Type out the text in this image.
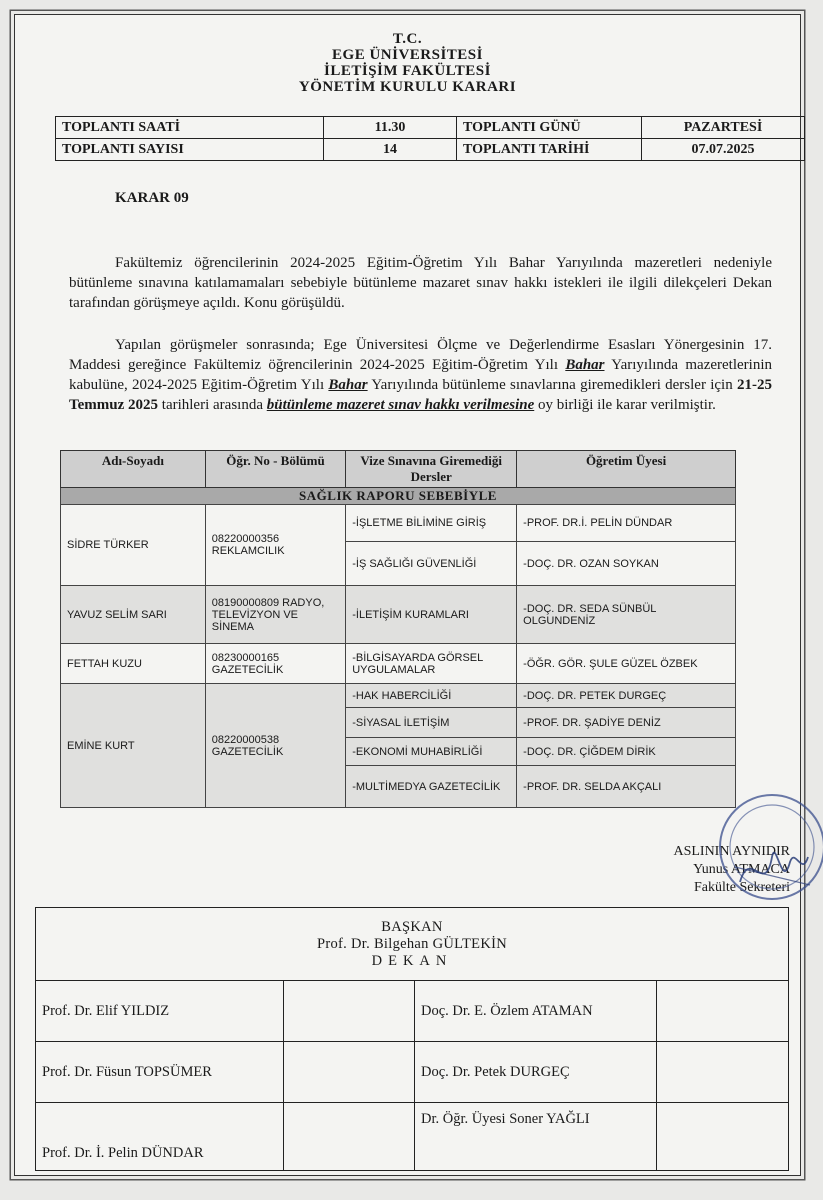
T.C.
EGE ÜNİVERSİTESİ
İLETİŞİM FAKÜLTESİ
YÖNETİM KURULU KARARI
TOPLANTI SAATİ	11.30	TOPLANTI GÜNÜ	PAZARTESİ
TOPLANTI SAYISI	14	TOPLANTI TARİHİ	07.07.2025
KARAR 09
Fakültemiz öğrencilerinin 2024-2025 Eğitim-Öğretim Yılı Bahar Yarıyılında mazeretleri nedeniyle bütünleme sınavına katılamamaları sebebiyle bütünleme mazaret sınav hakkı istekleri ile ilgili dilekçeleri Dekan tarafından görüşmeye açıldı. Konu görüşüldü.
Yapılan görüşmeler sonrasında; Ege Üniversitesi Ölçme ve Değerlendirme Esasları Yönergesinin 17. Maddesi gereğince Fakültemiz öğrencilerinin 2024-2025 Eğitim-Öğretim Yılı Bahar Yarıyılında mazeretlerinin kabulüne, 2024-2025 Eğitim-Öğretim Yılı Bahar Yarıyılında bütünleme sınavlarına giremedikleri dersler için 21-25 Temmuz 2025 tarihleri arasında bütünleme mazeret sınav hakkı verilmesine oy birliği ile karar verilmiştir.
Adı-Soyadı	Öğr. No - Bölümü	Vize Sınavına Giremediği Dersler	Öğretim Üyesi
SAĞLIK RAPORU SEBEBİYLE			
SİDRE TÜRKER	08220000356 REKLAMCILIK	-İŞLETME BİLİMİNE GİRİŞ	-PROF. DR.İ. PELİN DÜNDAR
		-İŞ SAĞLIĞI GÜVENLİĞİ	-DOÇ. DR. OZAN SOYKAN
YAVUZ SELİM SARI	08190000809 RADYO, TELEVİZYON VE SİNEMA	-İLETİŞİM KURAMLARI	-DOÇ. DR. SEDA SÜNBÜL OLGUNDENİZ
FETTAH KUZU	08230000165 GAZETECİLİK	-BİLGİSAYARDA GÖRSEL UYGULAMALAR	-ÖĞR. GÖR. ŞULE GÜZEL ÖZBEK
EMİNE KURT	08220000538 GAZETECİLİK	-HAK HABERCİLİĞİ	-DOÇ. DR. PETEK DURGEÇ
		-SİYASAL İLETİŞİM	-PROF. DR. ŞADİYE DENİZ
		-EKONOMİ MUHABİRLİĞİ	-DOÇ. DR. ÇİĞDEM DİRİK
		-MULTİMEDYA GAZETECİLİK	-PROF. DR. SELDA AKÇALI
ASLININ AYNIDIR
Yunus ATMACA
Fakülte Sekreteri
BAŞKAN
Prof. Dr. Bilgehan GÜLTEKİN
DEKAN			

Prof. Dr. Elif YILDIZ		Doç. Dr. E. Özlem ATAMAN	
Prof. Dr. Füsun TOPSÜMER		Doç. Dr. Petek DURGEÇ	
Prof. Dr. İ. Pelin DÜNDAR		Dr. Öğr. Üyesi Soner YAĞLI	
